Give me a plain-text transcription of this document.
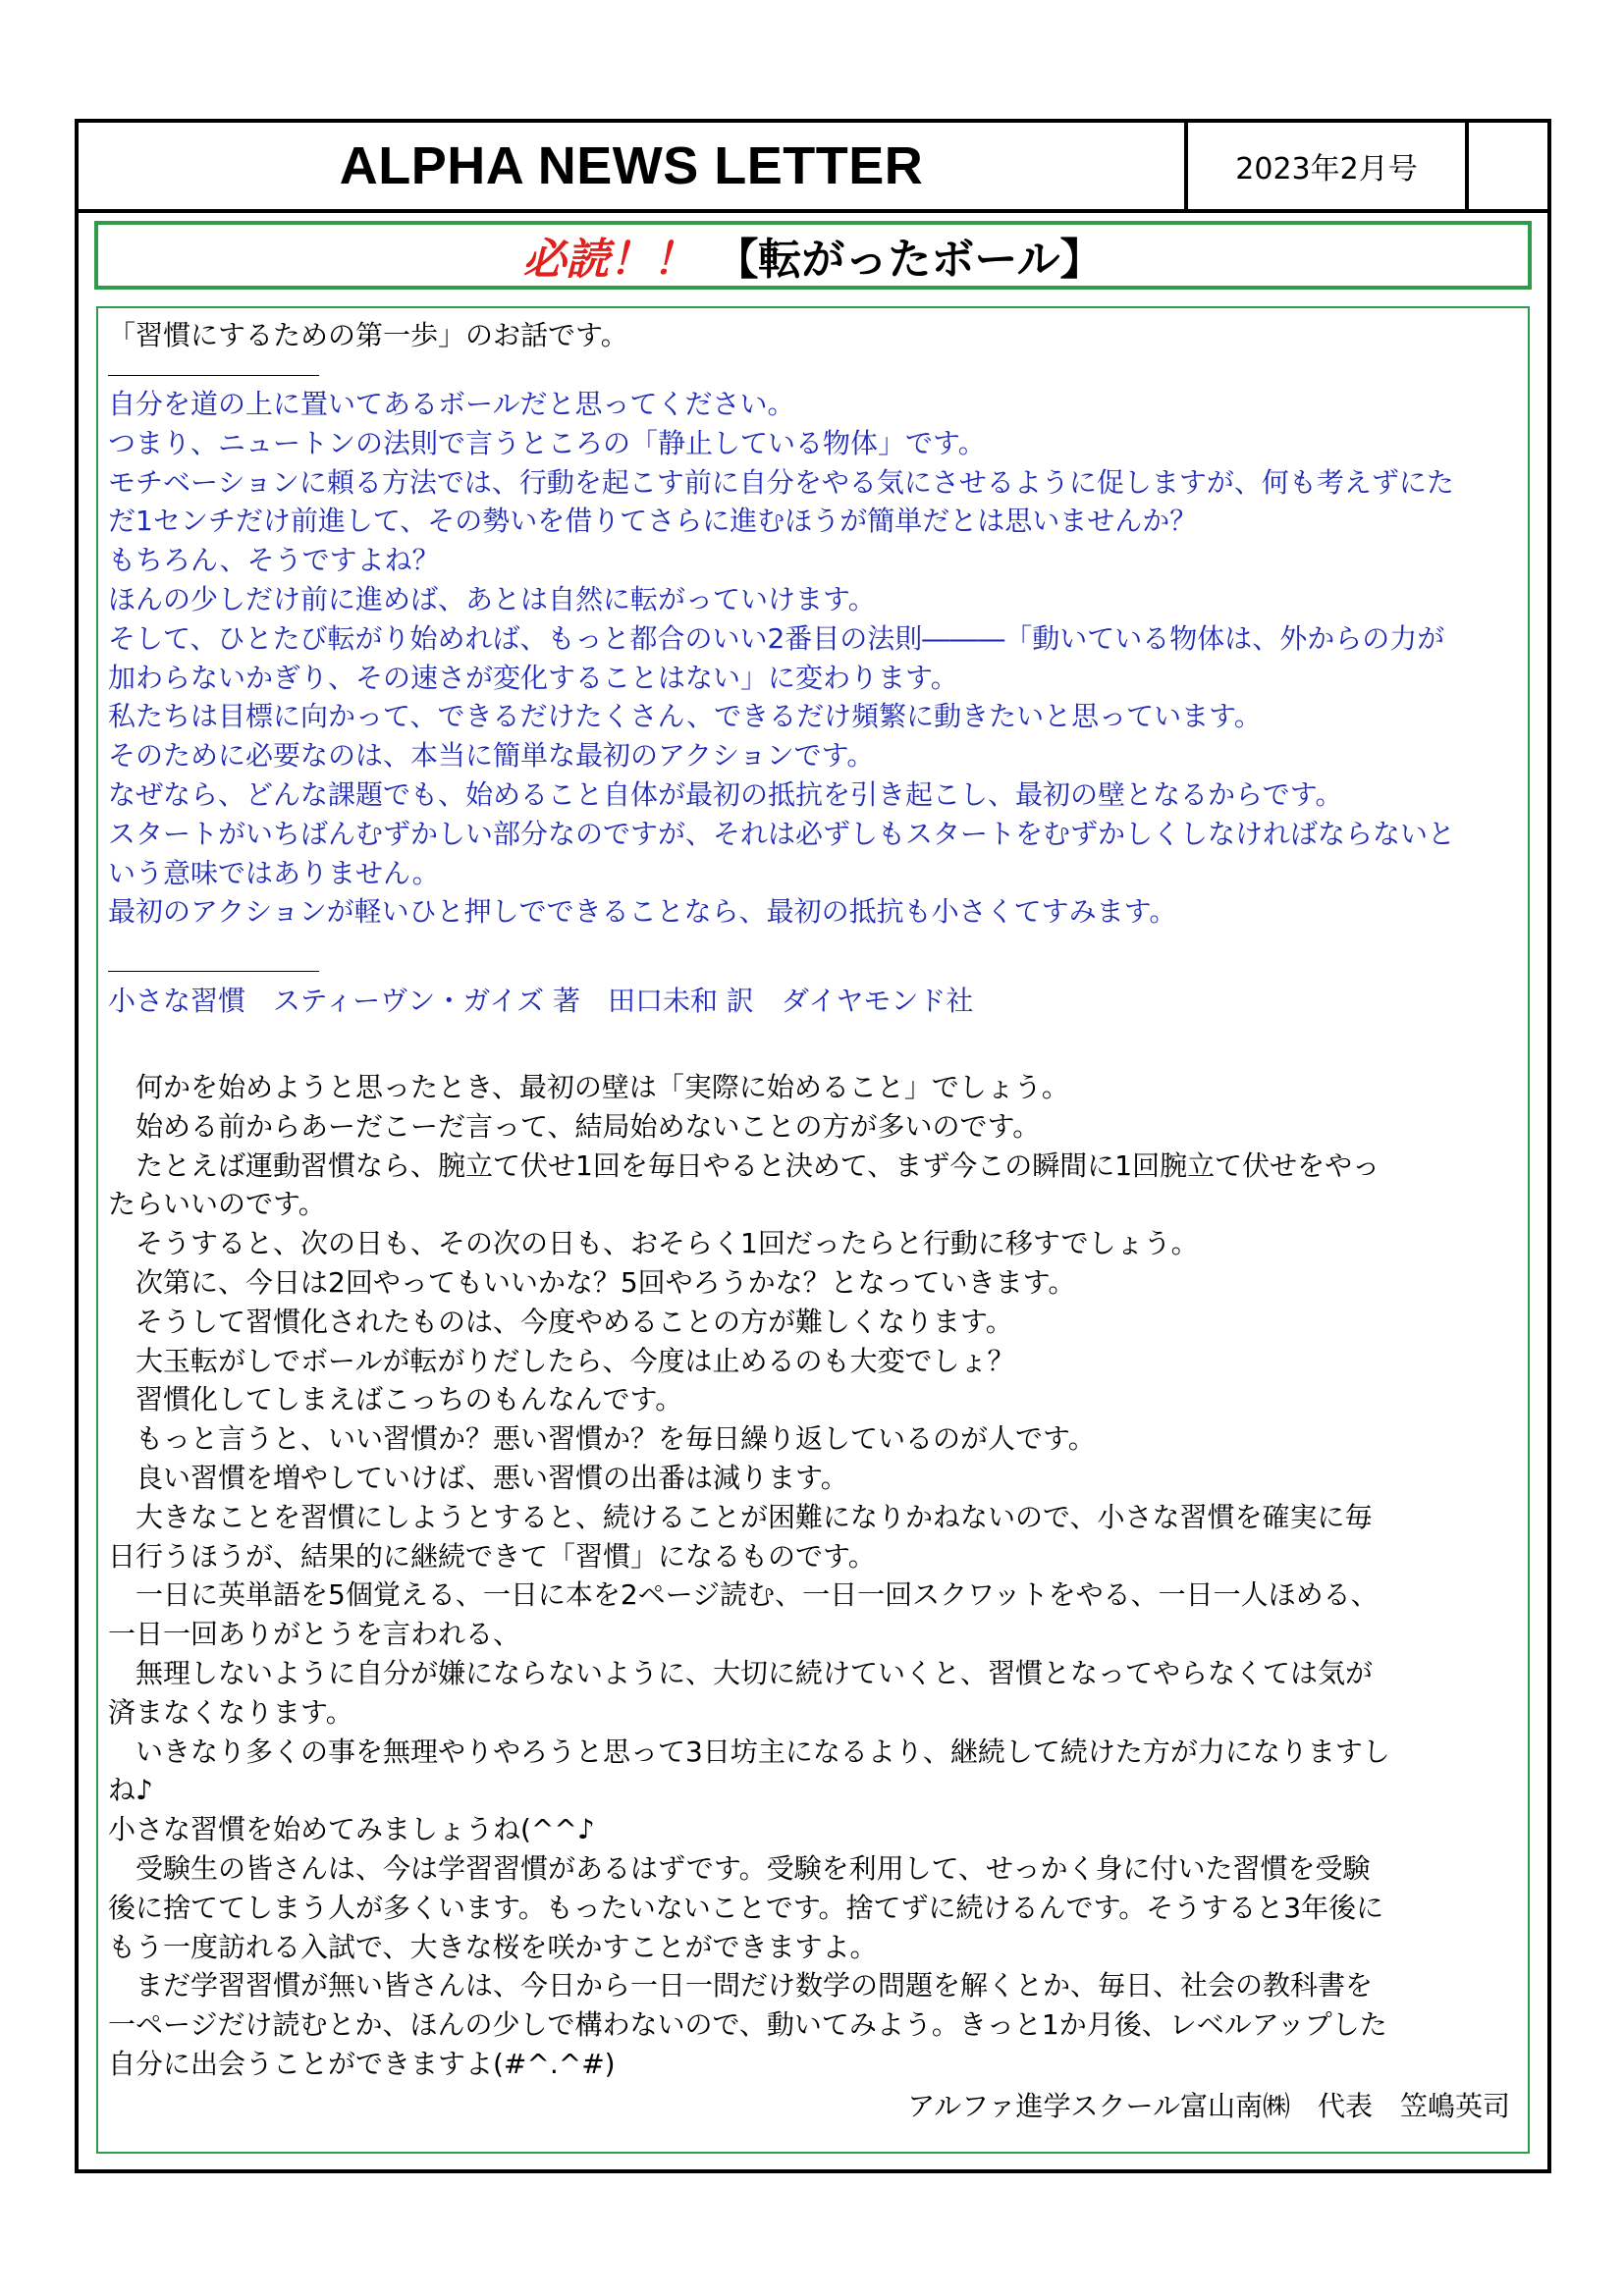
ALPHA NEWS LETTER	2023年2月号
必読！！ 【転がったボール】
「習慣にするための第一歩」のお話です。
自分を道の上に置いてあるボールだと思ってください。
つまり、ニュートンの法則で言うところの「静止している物体」です。
モチベーションに頼る方法では、行動を起こす前に自分をやる気にさせるように促しますが、何も考えずにた
だ1センチだけ前進して、その勢いを借りてさらに進むほうが簡単だとは思いませんか？
もちろん、そうですよね？
ほんの少しだけ前に進めば、あとは自然に転がっていけます。
そして、ひとたび転がり始めれば、もっと都合のいい2番目の法則―――「動いている物体は、外からの力が
加わらないかぎり、その速さが変化することはない」に変わります。
私たちは目標に向かって、できるだけたくさん、できるだけ頻繁に動きたいと思っています。
そのために必要なのは、本当に簡単な最初のアクションです。
なぜなら、どんな課題でも、始めること自体が最初の抵抗を引き起こし、最初の壁となるからです。
スタートがいちばんむずかしい部分なのですが、それは必ずしもスタートをむずかしくしなければならないと
いう意味ではありません。
最初のアクションが軽いひと押しでできることなら、最初の抵抗も小さくてすみます。
小さな習慣　スティーヴン・ガイズ 著　田口未和 訳　ダイヤモンド社
　何かを始めようと思ったとき、最初の壁は「実際に始めること」でしょう。
　始める前からあーだこーだ言って、結局始めないことの方が多いのです。
　たとえば運動習慣なら、腕立て伏せ1回を毎日やると決めて、まず今この瞬間に1回腕立て伏せをやっ
たらいいのです。
　そうすると、次の日も、その次の日も、おそらく1回だったらと行動に移すでしょう。
　次第に、今日は2回やってもいいかな？5回やろうかな？となっていきます。
　そうして習慣化されたものは、今度やめることの方が難しくなります。
　大玉転がしでボールが転がりだしたら、今度は止めるのも大変でしょ？
　習慣化してしまえばこっちのもんなんです。
　もっと言うと、いい習慣か？悪い習慣か？を毎日繰り返しているのが人です。
　良い習慣を増やしていけば、悪い習慣の出番は減ります。
　大きなことを習慣にしようとすると、続けることが困難になりかねないので、小さな習慣を確実に毎
日行うほうが、結果的に継続できて「習慣」になるものです。
　一日に英単語を5個覚える、一日に本を2ページ読む、一日一回スクワットをやる、一日一人ほめる、
一日一回ありがとうを言われる、
　無理しないように自分が嫌にならないように、大切に続けていくと、習慣となってやらなくては気が
済まなくなります。
　いきなり多くの事を無理やりやろうと思って3日坊主になるより、継続して続けた方が力になりますし
ね♪
小さな習慣を始めてみましょうね(^^♪
　受験生の皆さんは、今は学習習慣があるはずです。受験を利用して、せっかく身に付いた習慣を受験
後に捨ててしまう人が多くいます。もったいないことです。捨てずに続けるんです。そうすると3年後に
もう一度訪れる入試で、大きな桜を咲かすことができますよ。
　まだ学習習慣が無い皆さんは、今日から一日一問だけ数学の問題を解くとか、毎日、社会の教科書を
一ページだけ読むとか、ほんの少しで構わないので、動いてみよう。きっと1か月後、レベルアップした
自分に出会うことができますよ(#^.^#)
アルファ進学スクール富山南㈱　代表　笠嶋英司
